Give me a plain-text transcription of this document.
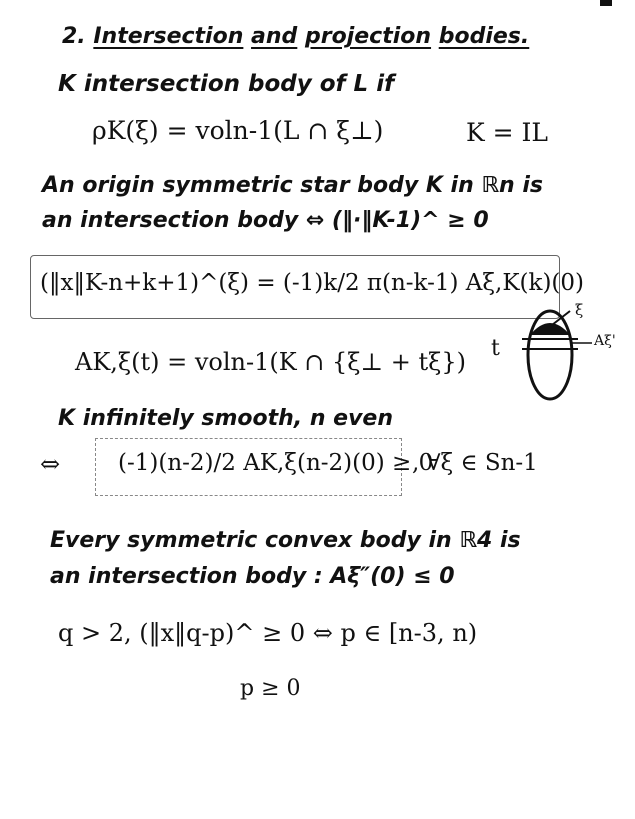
2. Intersection and projection bodies.
K intersection body of L if
ρK(ξ) = voln-1(L ∩ ξ⊥)	K = IL
An origin symmetric star body K in ℝn is
an intersection body ⇔ (‖·‖K-1)^ ≥ 0
(‖x‖K-n+k+1)^(ξ) = (-1)k/2 π(n-k-1) Aξ,K(k)(0)
AK,ξ(t) = voln-1(K ∩ {ξ⊥ + tξ}) t
ξ
Aξ'
K infinitely smooth, n even
⇔	(-1)(n-2)/2 AK,ξ(n-2)(0) ≥ 0
, ∀ξ ∈ Sn-1
Every symmetric convex body in ℝ4 is
an intersection body : Aξ″(0) ≤ 0
q > 2, (‖x‖q-p)^ ≥ 0 ⇔ p ∈ [n-3, n)
p ≥ 0
